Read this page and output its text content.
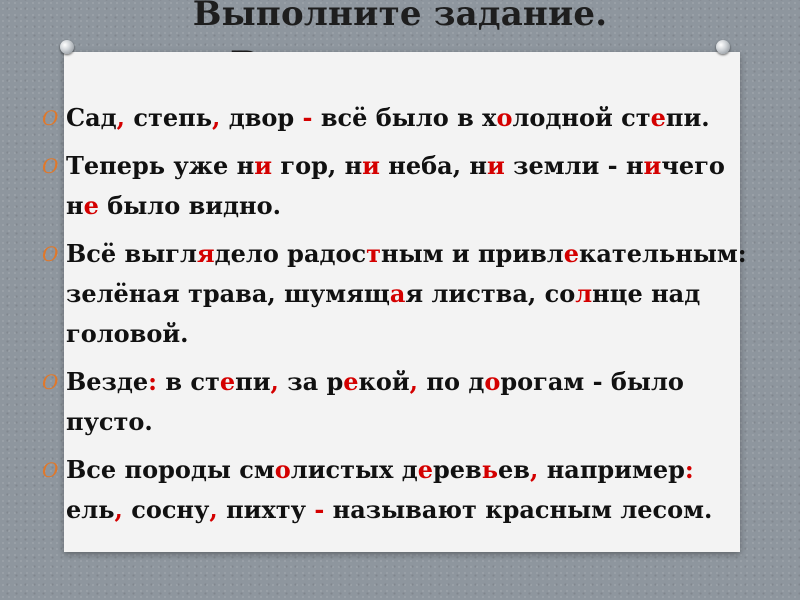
Выполните задание.
O Сад, степь, двор - всё было в холодной степи.
O Теперь уже ни гор, ни неба, ни земли - ничего не было видно.
O Всё выглядело радостным и привлекательным: зелёная трава, шумящая листва, солнце над головой.
O Везде: в степи, за рекой, по дорогам - было пусто.
O Все породы смолистых деревьев, например: ель, сосну, пихту - называют красным лесом.
